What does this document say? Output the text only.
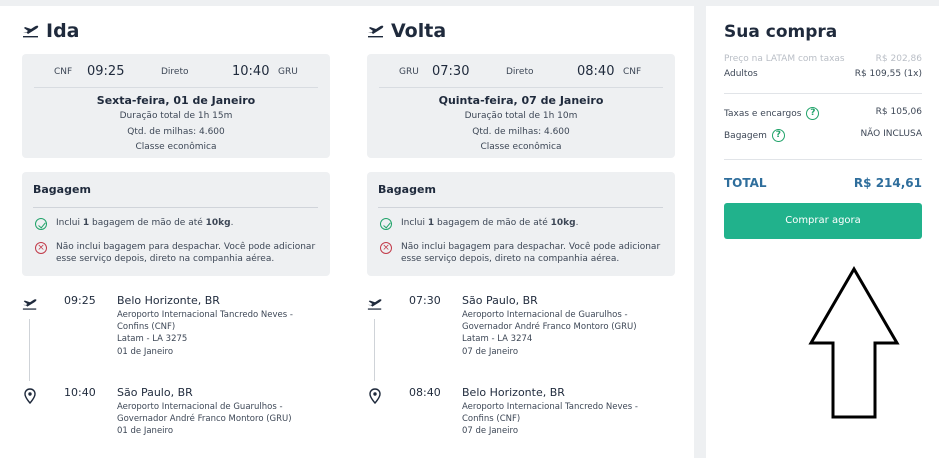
Ida
CNF 09:25	Direto	10:40 GRU
Sexta-feira, 01 de Janeiro
Duração total de 1h 15m
Qtd. de milhas: 4.600
Classe econômica
Bagagem
Inclui 1 bagagem de mão de até 10kg.
× Não inclui bagagem para despachar. Você pode adicionar esse serviço depois, direto na companhia aérea.
09:25 Belo Horizonte, BR
Aeroporto Internacional Tancredo Neves - Confins (CNF)
Latam - LA 3275
01 de Janeiro
10:40 São Paulo, BR
Aeroporto Internacional de Guarulhos - Governador André Franco Montoro (GRU)
01 de Janeiro
Volta
GRU 07:30	Direto	08:40 CNF
Quinta-feira, 07 de Janeiro
Duração total de 1h 10m
Qtd. de milhas: 4.600
Classe econômica
Bagagem
Inclui 1 bagagem de mão de até 10kg.
× Não inclui bagagem para despachar. Você pode adicionar esse serviço depois, direto na companhia aérea.
07:30 São Paulo, BR
Aeroporto Internacional de Guarulhos - Governador André Franco Montoro (GRU)
Latam - LA 3274
07 de Janeiro
08:40 Belo Horizonte, BR
Aeroporto Internacional Tancredo Neves - Confins (CNF)
07 de Janeiro
Sua compra
Preço na LATAM com taxas	R$ 202,86
Adultos	R$ 109,55 (1x)
Taxas e encargos ?	R$ 105,06
Bagagem ?	NÃO INCLUSA
TOTAL	R$ 214,61
Comprar agora
